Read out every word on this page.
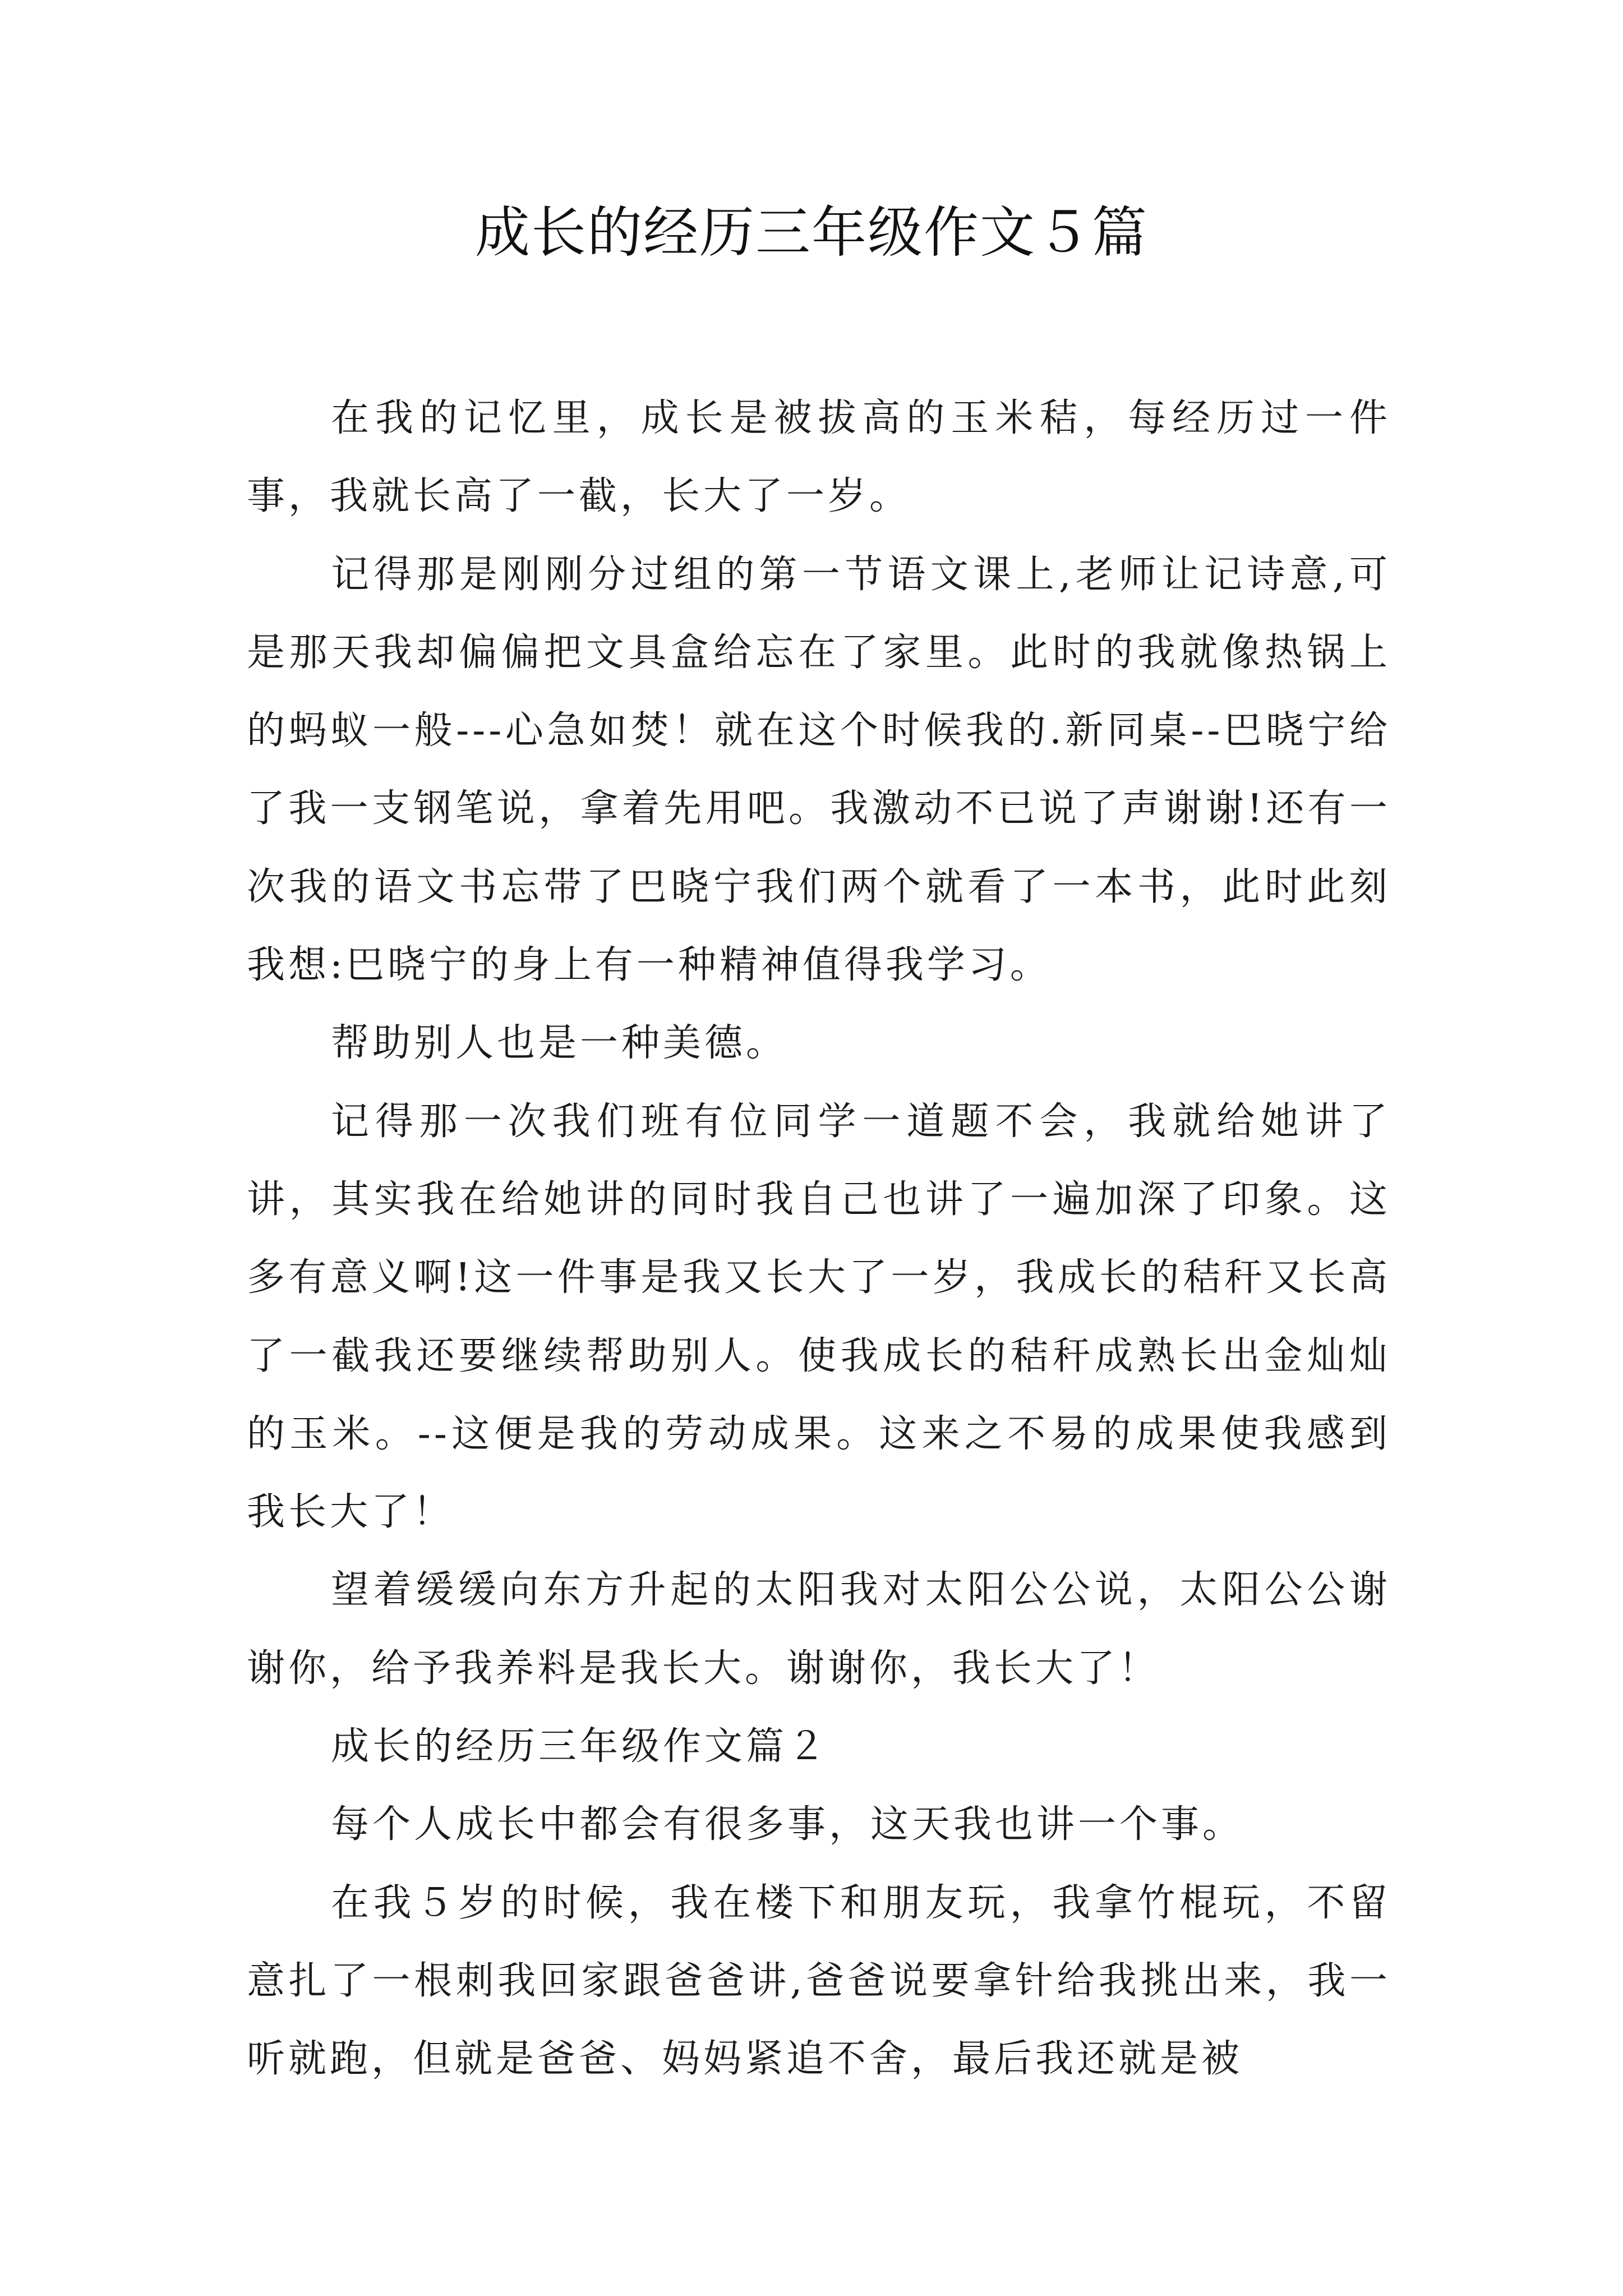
成长的经历三年级作文５篇

在我的记忆里，成长是被拔高的玉米秸，每经历过一件事，我就长高了一截，长大了一岁。

记得那是刚刚分过组的第一节语文课上,老师让记诗意,可是那天我却偏偏把文具盒给忘在了家里。此时的我就像热锅上的蚂蚁一般---心急如焚！就在这个时候我的.新同桌--巴晓宁给了我一支钢笔说，拿着先用吧。我激动不已说了声谢谢!还有一次我的语文书忘带了巴晓宁我们两个就看了一本书，此时此刻我想:巴晓宁的身上有一种精神值得我学习。

帮助别人也是一种美德。

记得那一次我们班有位同学一道题不会，我就给她讲了讲，其实我在给她讲的同时我自己也讲了一遍加深了印象。这多有意义啊!这一件事是我又长大了一岁，我成长的秸秆又长高了一截我还要继续帮助别人。使我成长的秸秆成熟长出金灿灿的玉米。--这便是我的劳动成果。这来之不易的成果使我感到我长大了！

望着缓缓向东方升起的太阳我对太阳公公说，太阳公公谢谢你，给予我养料是我长大。谢谢你，我长大了！

成长的经历三年级作文篇２

每个人成长中都会有很多事，这天我也讲一个事。

在我５岁的时候，我在楼下和朋友玩，我拿竹棍玩，不留意扎了一根刺我回家跟爸爸讲,爸爸说要拿针给我挑出来，我一听就跑，但就是爸爸、妈妈紧追不舍，最后我还就是被
